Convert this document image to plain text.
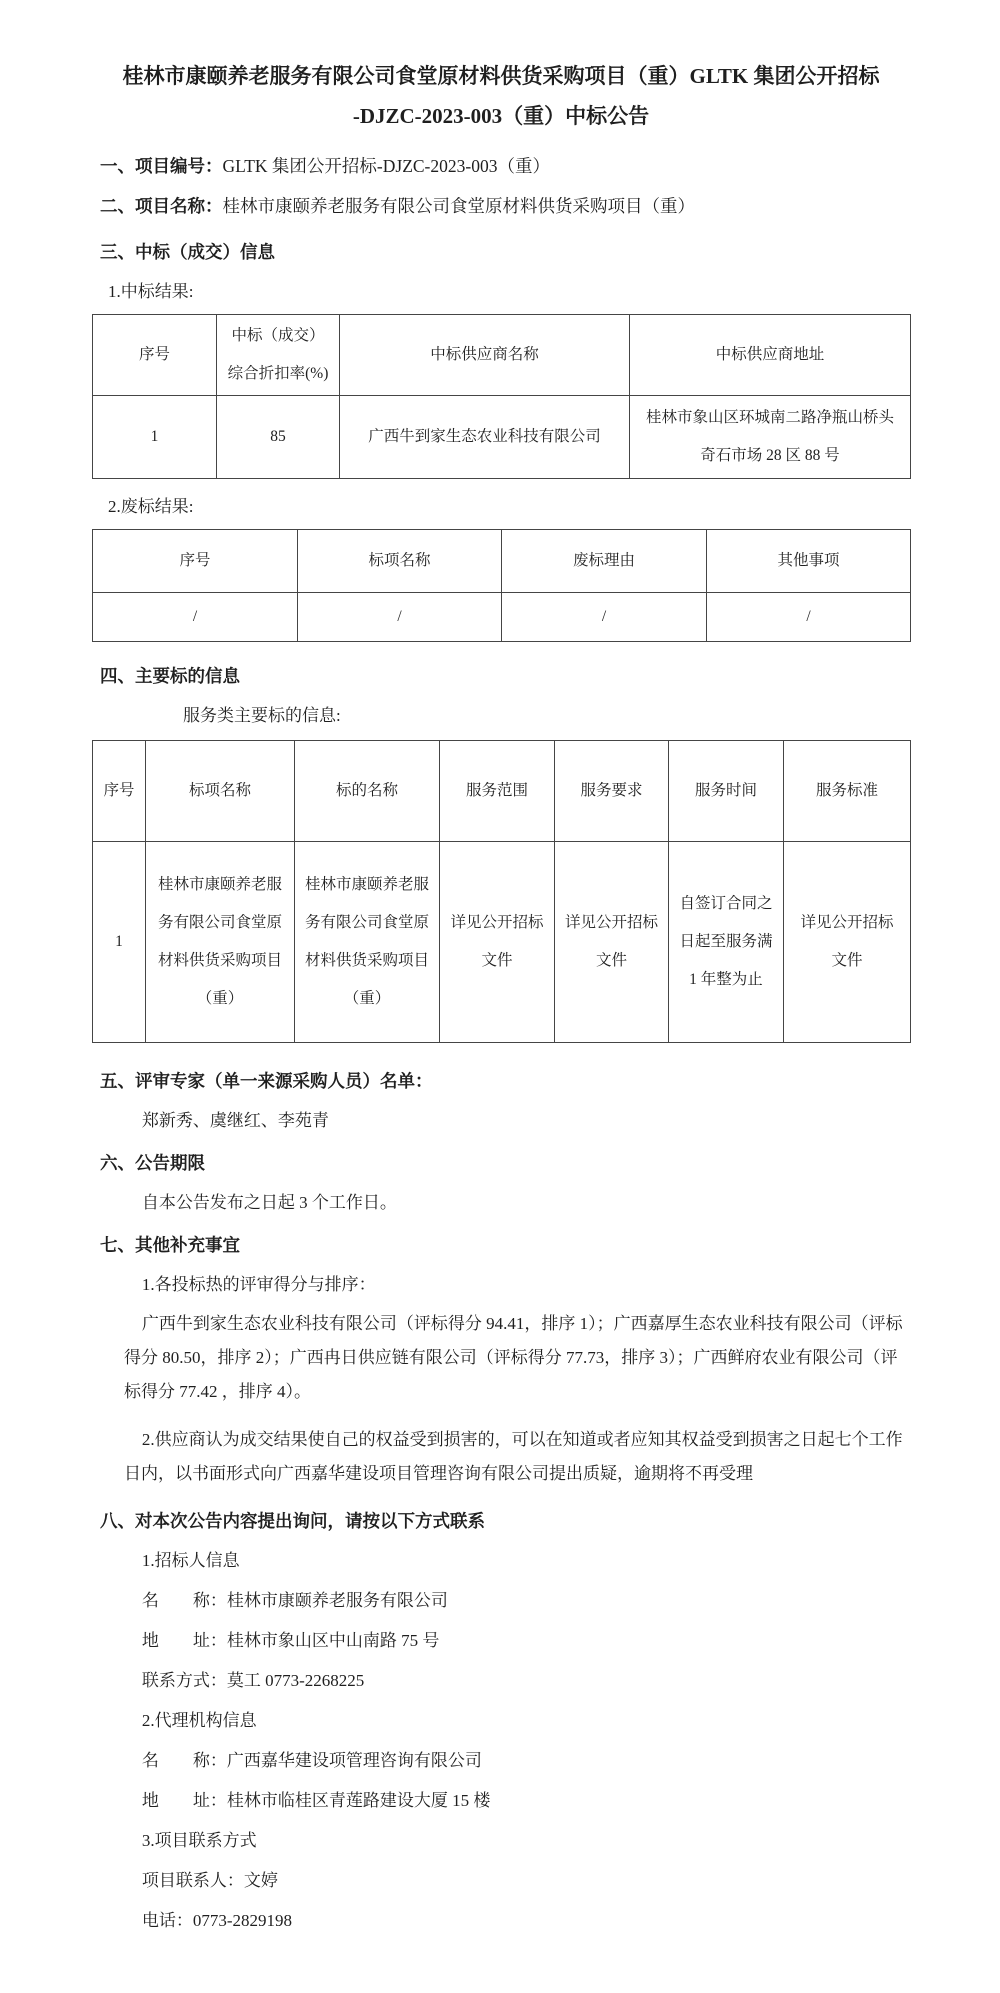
桂林市康颐养老服务有限公司食堂原材料供货采购项目（重）GLTK 集团公开招标
-DJZC-2023-003（重）中标公告

一、项目编号：GLTK 集团公开招标-DJZC-2023-003（重）

二、项目名称：桂林市康颐养老服务有限公司食堂原材料供货采购项目（重）

三、中标（成交）信息

1.中标结果:

序号	中标（成交）综合折扣率(%)	中标供应商名称	中标供应商地址
1	85	广西牛到家生态农业科技有限公司	桂林市象山区环城南二路净瓶山桥头奇石市场 28 区 88 号

2.废标结果:

序号	标项名称	废标理由	其他事项
/	/	/	/

四、主要标的信息

服务类主要标的信息:

序号	标项名称	标的名称	服务范围	服务要求	服务时间	服务标准
1	桂林市康颐养老服务有限公司食堂原材料供货采购项目（重）	桂林市康颐养老服务有限公司食堂原材料供货采购项目（重）	详见公开招标文件	详见公开招标文件	自签订合同之日起至服务满 1 年整为止	详见公开招标文件

五、评审专家（单一来源采购人员）名单：

郑新秀、虞继红、李苑青

六、公告期限

自本公告发布之日起 3 个工作日。

七、其他补充事宜

1.各投标热的评审得分与排序：

广西牛到家生态农业科技有限公司（评标得分 94.41，排序 1）；广西嘉厚生态农业科技有限公司（评标得分 80.50，排序 2）；广西冉日供应链有限公司（评标得分 77.73，排序 3）；广西鲜府农业有限公司（评标得分 77.42 ，排序 4）。

2.供应商认为成交结果使自己的权益受到损害的，可以在知道或者应知其权益受到损害之日起七个工作日内，以书面形式向广西嘉华建设项目管理咨询有限公司提出质疑，逾期将不再受理

八、对本次公告内容提出询问，请按以下方式联系

1.招标人信息

名　　称：桂林市康颐养老服务有限公司

地　　址：桂林市象山区中山南路 75 号

联系方式：莫工 0773-2268225

2.代理机构信息

名　　称：广西嘉华建设项管理咨询有限公司

地　　址：桂林市临桂区青莲路建设大厦 15 楼

3.项目联系方式

项目联系人：文婷

电话：0773-2829198
